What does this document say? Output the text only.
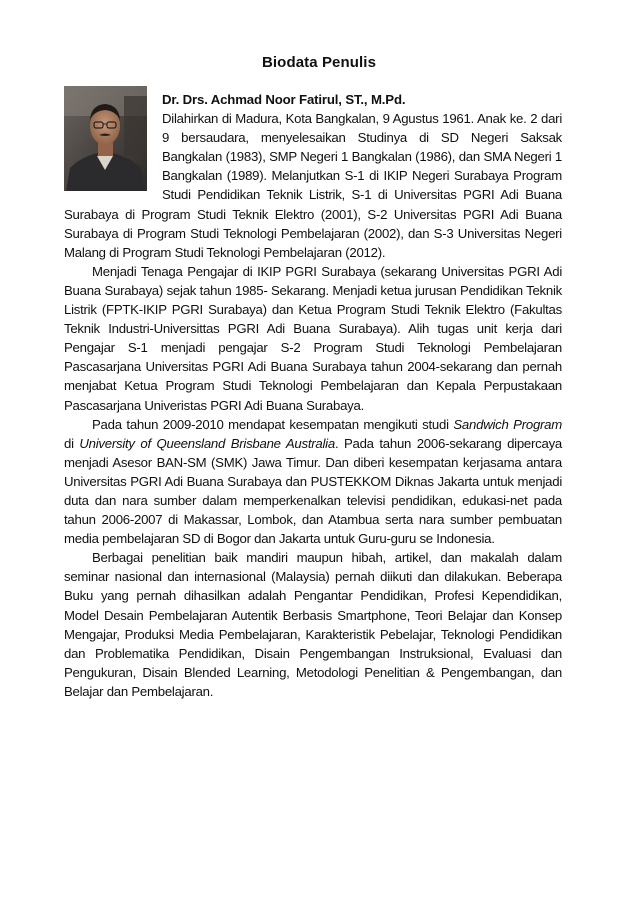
Biodata Penulis
Dr. Drs. Achmad Noor Fatirul, ST., M.Pd.

Dilahirkan di Madura, Kota Bangkalan, 9 Agustus 1961. Anak ke. 2 dari 9 bersaudara, menyelesaikan Studinya di SD Negeri Saksak Bangkalan (1983), SMP Negeri 1 Bangkalan (1986), dan SMA Negeri 1 Bangkalan (1989). Melanjutkan S-1 di IKIP Negeri Surabaya Program Studi Pendidikan Teknik Listrik, S-1 di Universitas PGRI Adi Buana Surabaya di Program Studi Teknik Elektro (2001), S-2 Universitas PGRI Adi Buana Surabaya di Program Studi Teknologi Pembelajaran (2002), dan S-3 Universitas Negeri Malang di Program Studi Teknologi Pembelajaran (2012).

Menjadi Tenaga Pengajar di IKIP PGRI Surabaya (sekarang Universitas PGRI Adi Buana Surabaya) sejak tahun 1985- Sekarang. Menjadi ketua jurusan Pendidikan Teknik Listrik (FPTK-IKIP PGRI Surabaya) dan Ketua Program Studi Teknik Elektro (Fakultas Teknik Industri-Universittas PGRI Adi Buana Surabaya). Alih tugas unit kerja dari Pengajar S-1 menjadi pengajar S-2 Program Studi Teknologi Pembelajaran Pascasarjana Universitas PGRI Adi Buana Surabaya tahun 2004-sekarang dan pernah menjabat Ketua Program Studi Teknologi Pembelajaran dan Kepala Perpustakaan Pascasarjana Univeristas PGRI Adi Buana Surabaya.

Pada tahun 2009-2010 mendapat kesempatan mengikuti studi Sandwich Program di University of Queensland Brisbane Australia. Pada tahun 2006-sekarang dipercaya menjadi Asesor BAN-SM (SMK) Jawa Timur. Dan diberi kesempatan kerjasama antara Universitas PGRI Adi Buana Surabaya dan PUSTEKKOM Diknas Jakarta untuk menjadi duta dan nara sumber dalam memperkenalkan televisi pendidikan, edukasi-net pada tahun 2006-2007 di Makassar, Lombok, dan Atambua serta nara sumber pembuatan media pembelajaran SD di Bogor dan Jakarta untuk Guru-guru se Indonesia.

Berbagai penelitian baik mandiri maupun hibah, artikel, dan makalah dalam seminar nasional dan internasional (Malaysia) pernah diikuti dan dilakukan. Beberapa Buku yang pernah dihasilkan adalah Pengantar Pendidikan, Profesi Kependidikan, Model Desain Pembelajaran Autentik Berbasis Smartphone, Teori Belajar dan Konsep Mengajar, Produksi Media Pembelajaran, Karakteristik Pebelajar, Teknologi Pendidikan dan Problematika Pendidikan, Disain Pengembangan Instruksional, Evaluasi dan Pengukuran, Disain Blended Learning, Metodologi Penelitian & Pengembangan, dan Belajar dan Pembelajaran.
